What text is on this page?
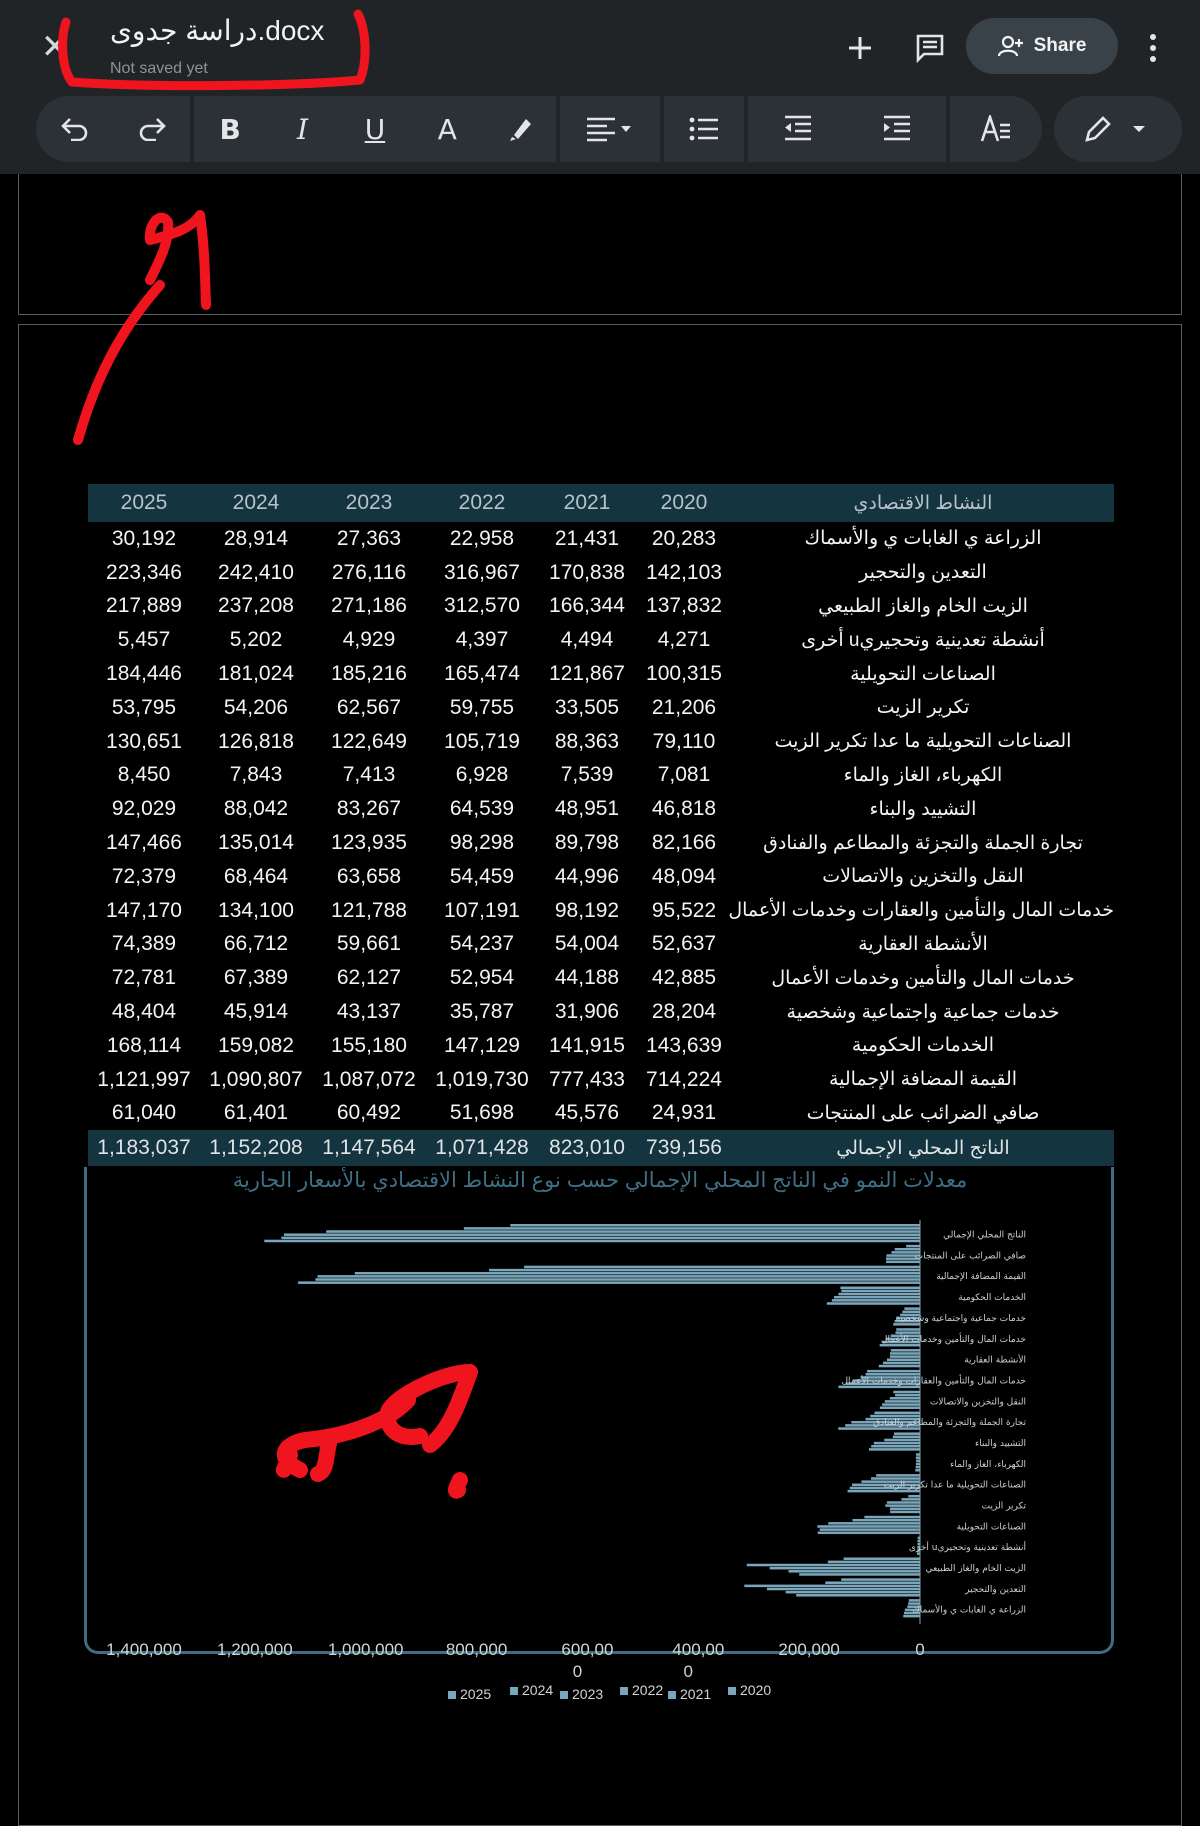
✕ دراسة جدوى.docx
Not saved yet
Share
B	I	U	A
2025	2024	2023	2022	2021	2020	النشاط الاقتصادي
30,192	28,914	27,363	22,958	21,431	20,283	الزراعة ي الغابات ي والأسماك
223,346	242,410	276,116	316,967	170,838	142,103	التعدين والتحجير
217,889	237,208	271,186	312,570	166,344	137,832	الزيت الخام والغاز الطبيعي
5,457	5,202	4,929	4,397	4,494	4,271	أنشطة تعدينية وتحجيريu أخرى
184,446	181,024	185,216	165,474	121,867	100,315	الصناعات التحويلية
53,795	54,206	62,567	59,755	33,505	21,206	تكرير الزيت
130,651	126,818	122,649	105,719	88,363	79,110	الصناعات التحويلية ما عدا تكرير الزيت
8,450	7,843	7,413	6,928	7,539	7,081	الكهرباء، الغاز والماء
92,029	88,042	83,267	64,539	48,951	46,818	التشييد والبناء
147,466	135,014	123,935	98,298	89,798	82,166	تجارة الجملة والتجزئة والمطاعم والفنادق
72,379	68,464	63,658	54,459	44,996	48,094	النقل والتخزين والاتصالات
147,170	134,100	121,788	107,191	98,192	95,522	خدمات المال والتأمين والعقارات وخدمات الأعمال
74,389	66,712	59,661	54,237	54,004	52,637	الأنشطة العقارية
72,781	67,389	62,127	52,954	44,188	42,885	خدمات المال والتأمين وخدمات الأعمال
48,404	45,914	43,137	35,787	31,906	28,204	خدمات جماعية واجتماعية وشخصية
168,114	159,082	155,180	147,129	141,915	143,639	الخدمات الحكومية
1,121,997	1,090,807	1,087,072	1,019,730	777,433	714,224	القيمة المضافة الإجمالية
61,040	61,401	60,492	51,698	45,576	24,931	صافي الضرائب على المنتجات
1,183,037	1,152,208	1,147,564	1,071,428	823,010	739,156	الناتج المحلي الإجمالي
معدلات النمو في الناتج المحلي الإجمالي حسب نوع النشاط الاقتصادي بالأسعار الجارية
الناتج المحلي الإجمالي
صافي الضرائب على المنتجات
القيمة المضافة الإجمالية
الخدمات الحكومية
خدمات جماعية واجتماعية وشخصية
خدمات المال والتأمين وخدمات الأعمال
الأنشطة العقارية
خدمات المال والتأمين والعقارات وخدمات الأعمال
النقل والتخزين والاتصالات
تجارة الجملة والتجزئة والمطاعم والفنادق
التشييد والبناء
الكهرباء، الغاز والماء
الصناعات التحويلية ما عدا تكرير الزيت
تكرير الزيت
الصناعات التحويلية
أنشطة تعدينية وتحجيريu أخرى
الزيت الخام والغاز الطبيعي
التعدين والتحجير
الزراعة ي الغابات ي والأسماك
1,400,000	1,200,000	1,000,000	800,000	600,00
0
400,00
0
200,000	0
2025	2024	2023	2022	2021	2020
